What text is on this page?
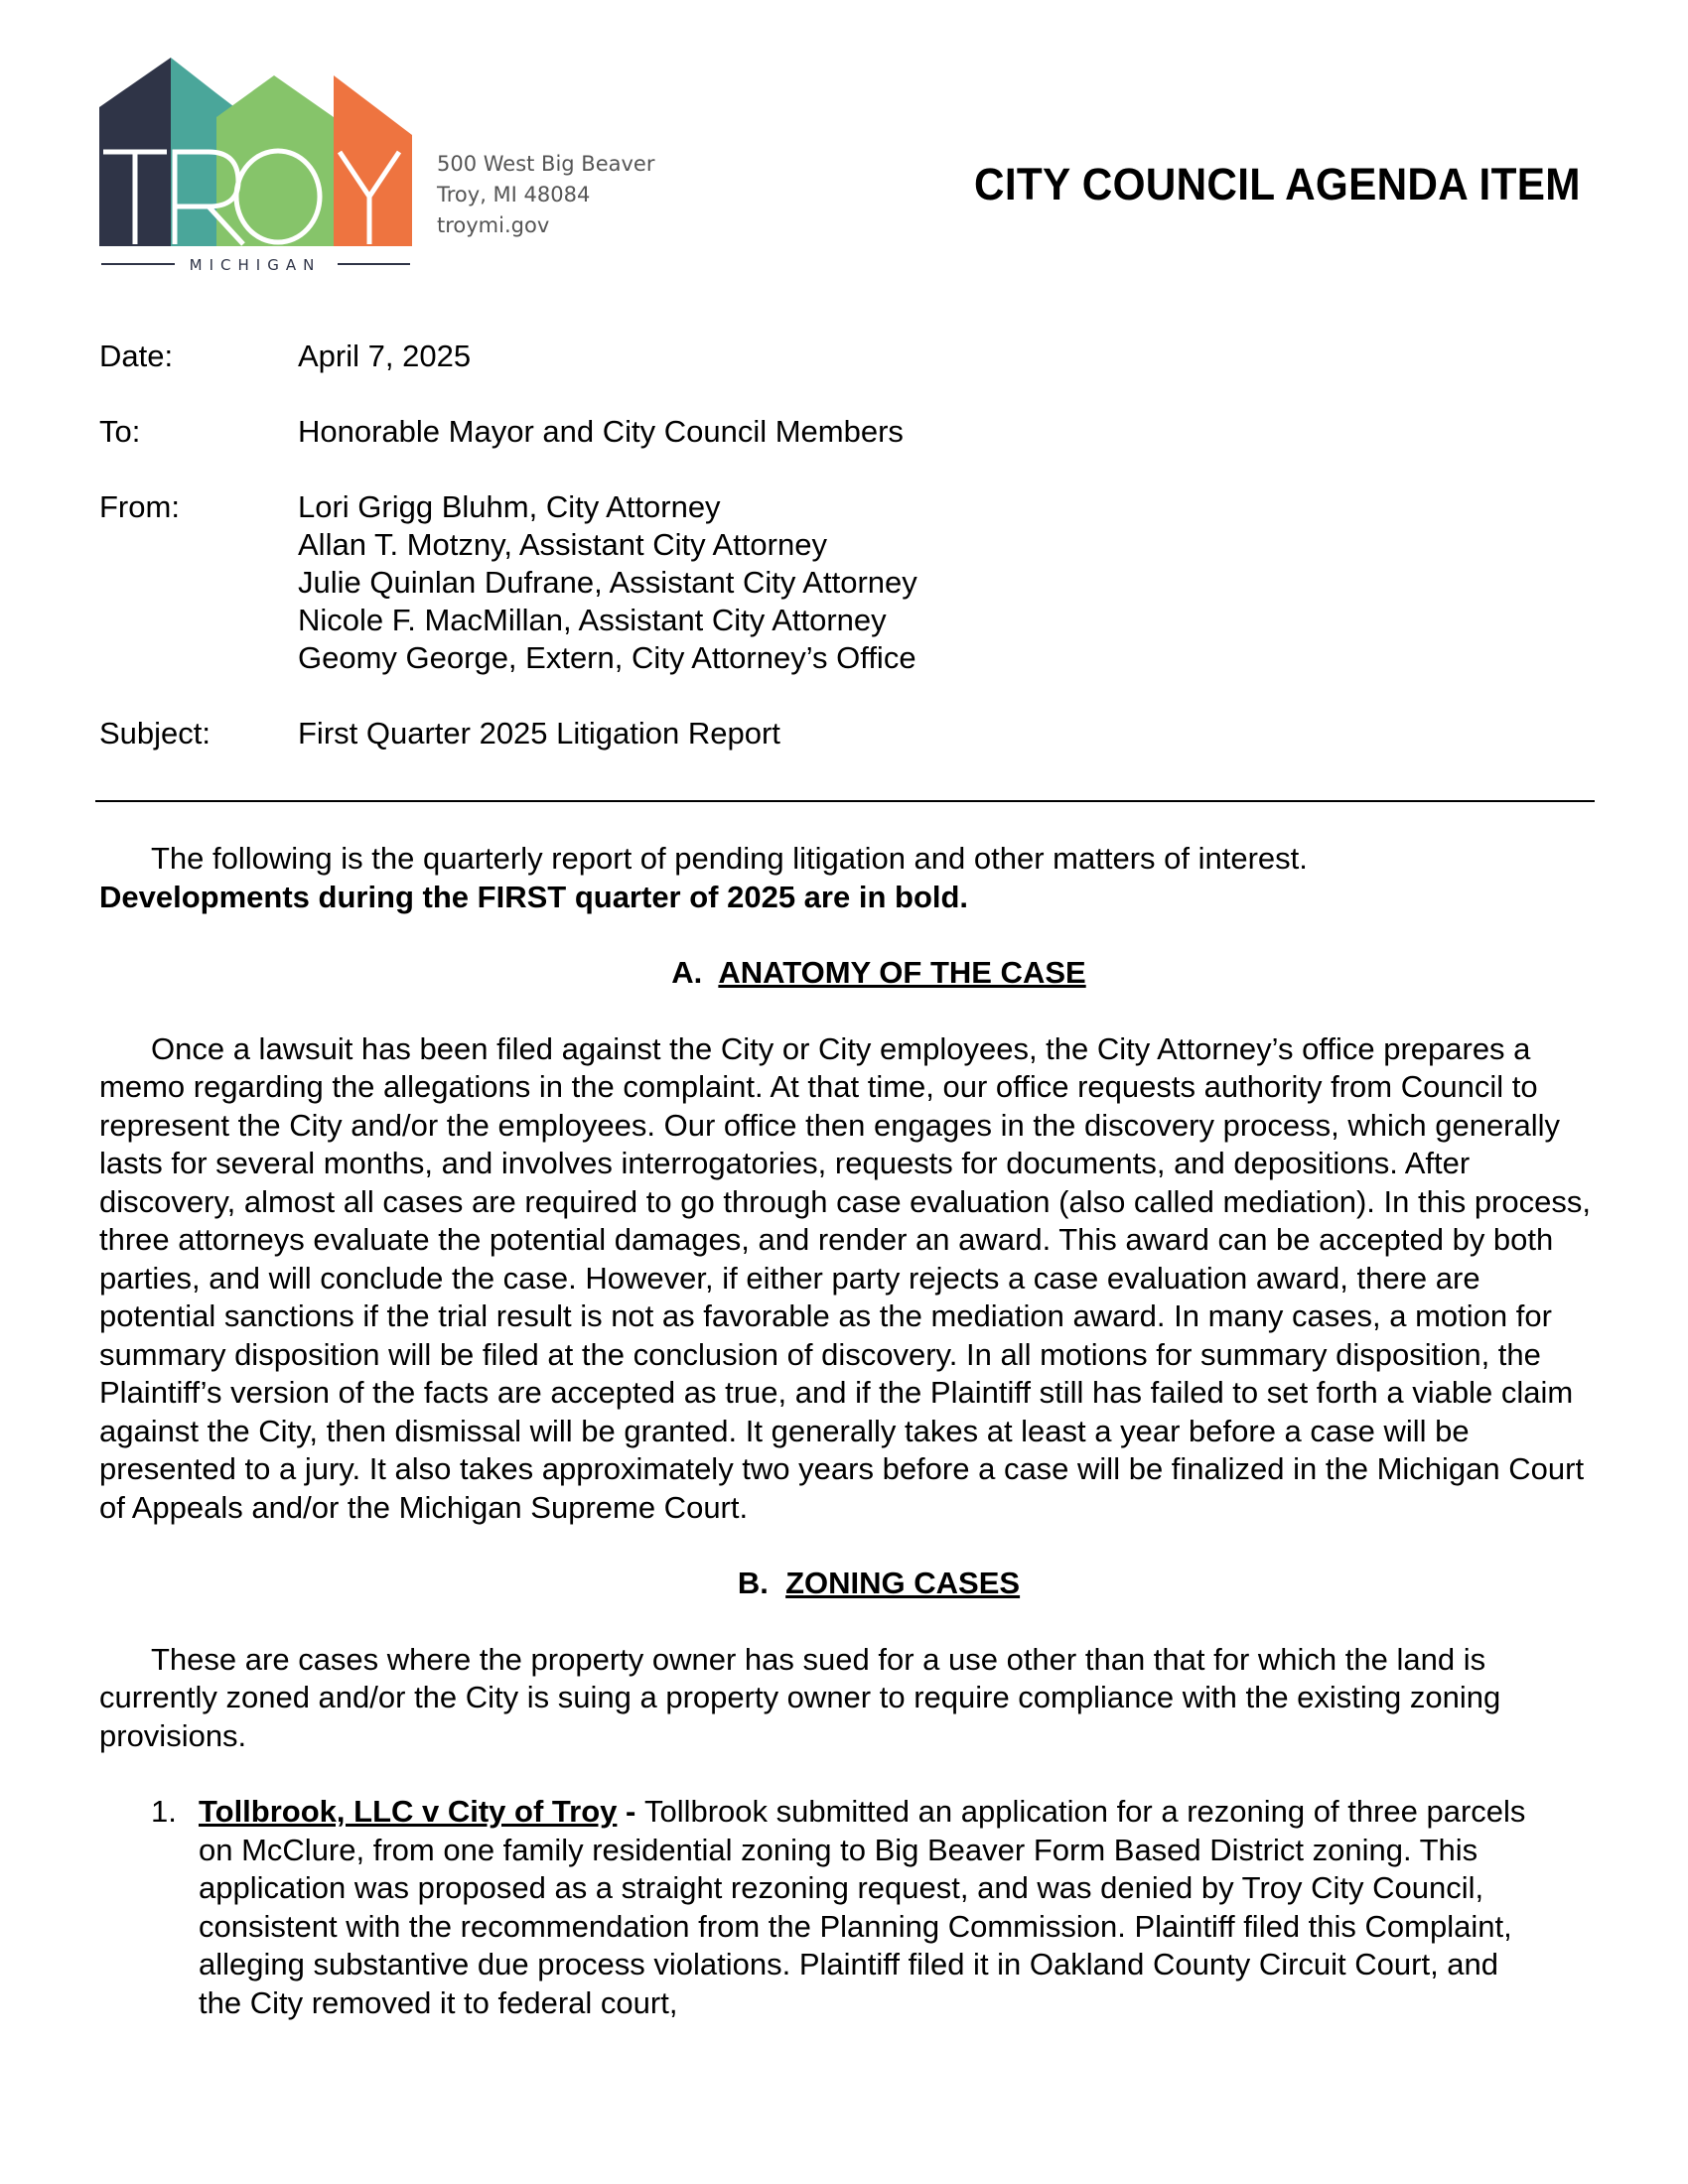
MICHIGAN
500 West Big Beaver
Troy, MI 48084
troymi.gov
CITY COUNCIL AGENDA ITEM
Date:	April 7, 2025
To:	Honorable Mayor and City Council Members
From:	Lori Grigg Bluhm, City Attorney
Allan T. Motzny, Assistant City Attorney
Julie Quinlan Dufrane, Assistant City Attorney
Nicole F. MacMillan, Assistant City Attorney
Geomy George, Extern, City Attorney’s Office
Subject:	First Quarter 2025 Litigation Report

The following is the quarterly report of pending litigation and other matters of interest.

Developments during the FIRST quarter of 2025 are in bold.

A. ANATOMY OF THE CASE

Once a lawsuit has been filed against the City or City employees, the City Attorney’s office prepares a memo regarding the allegations in the complaint. At that time, our office requests authority from Council to represent the City and/or the employees. Our office then engages in the discovery process, which generally lasts for several months, and involves interrogatories, requests for documents, and depositions. After discovery, almost all cases are required to go through case evaluation (also called mediation). In this process, three attorneys evaluate the potential damages, and render an award. This award can be accepted by both parties, and will conclude the case. However, if either party rejects a case evaluation award, there are potential sanctions if the trial result is not as favorable as the mediation award. In many cases, a motion for summary disposition will be filed at the conclusion of discovery. In all motions for summary disposition, the Plaintiff’s version of the facts are accepted as true, and if the Plaintiff still has failed to set forth a viable claim against the City, then dismissal will be granted. It generally takes at least a year before a case will be presented to a jury. It also takes approximately two years before a case will be finalized in the Michigan Court of Appeals and/or the Michigan Supreme Court.

B. ZONING CASES

These are cases where the property owner has sued for a use other than that for which the land is currently zoned and/or the City is suing a property owner to require compliance with the existing zoning provisions.

1. Tollbrook, LLC v City of Troy - Tollbrook submitted an application for a rezoning of three parcels on McClure, from one family residential zoning to Big Beaver Form Based District zoning. This application was proposed as a straight rezoning request, and was denied by Troy City Council, consistent with the recommendation from the Planning Commission. Plaintiff filed this Complaint, alleging substantive due process violations. Plaintiff filed it in Oakland County Circuit Court, and the City removed it to federal court,
